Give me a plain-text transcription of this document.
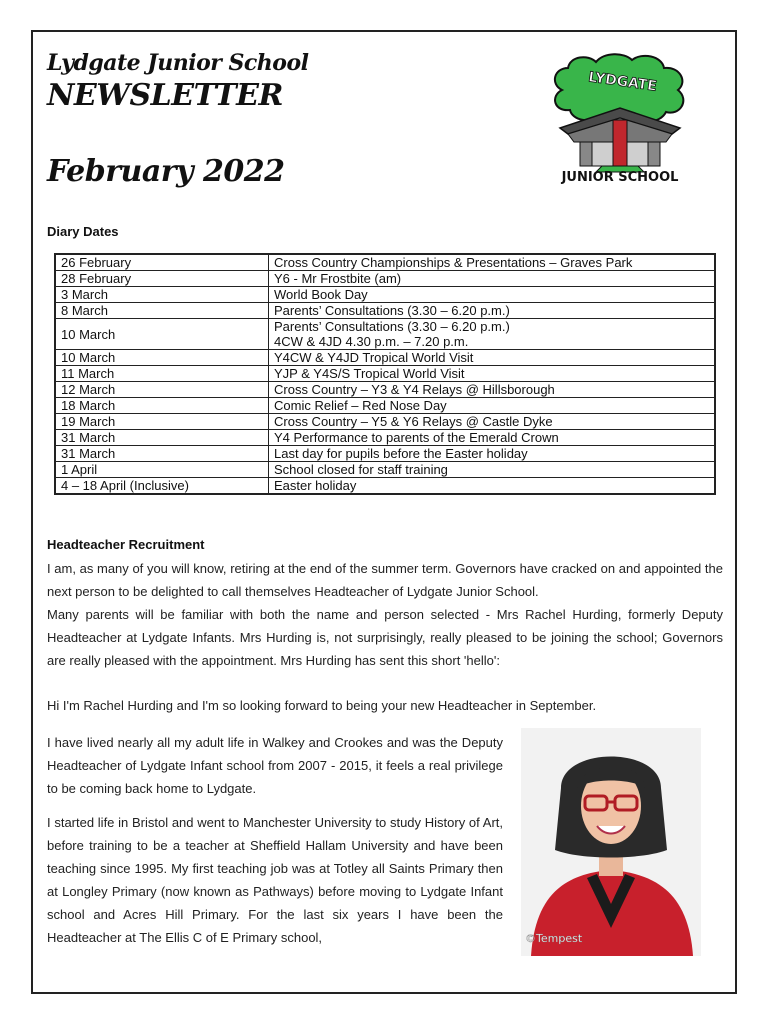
Lydgate Junior School
NEWSLETTER
February 2022
LYDGATE
JUNIOR SCHOOL
Diary Dates
26 February	Cross Country Championships & Presentations – Graves Park
28 February	Y6 - Mr Frostbite (am)
3 March	World Book Day
8 March	Parents’ Consultations (3.30 – 6.20 p.m.)
10 March	Parents’ Consultations (3.30 – 6.20 p.m.)
4CW & 4JD 4.30 p.m. – 7.20 p.m.

10 March	Y4CW & Y4JD Tropical World Visit
11 March	YJP & Y4S/S Tropical World Visit
12 March	Cross Country – Y3 & Y4 Relays @ Hillsborough
18 March	Comic Relief – Red Nose Day
19 March	Cross Country – Y5 & Y6 Relays @ Castle Dyke
31 March	Y4 Performance to parents of the Emerald Crown
31 March	Last day for pupils before the Easter holiday
1 April	School closed for staff training
4 – 18 April (Inclusive)	Easter holiday
Headteacher Recruitment
I am, as many of you will know, retiring at the end of the summer term. Governors have cracked on and appointed the next person to be delighted to call themselves Headteacher of Lydgate Junior School.
Many parents will be familiar with both the name and person selected - Mrs Rachel Hurding, formerly Deputy Headteacher at Lydgate Infants. Mrs Hurding is, not surprisingly, really pleased to be joining the school; Governors are really pleased with the appointment. Mrs Hurding has sent this short 'hello':
Hi I'm Rachel Hurding and I'm so looking forward to being your new Headteacher in September.
I have lived nearly all my adult life in Walkey and Crookes and was the Deputy Headteacher of Lydgate Infant school from 2007 - 2015, it feels a real privilege to be coming back home to Lydgate.
I started life in Bristol and went to Manchester University to study History of Art, before training to be a teacher at Sheffield Hallam University and have been teaching since 1995. My first teaching job was at Totley all Saints Primary then at Longley Primary (now known as Pathways) before moving to Lydgate Infant school and Acres Hill Primary. For the last six years I have been the Headteacher at The Ellis C of E Primary school,	©Tempest
